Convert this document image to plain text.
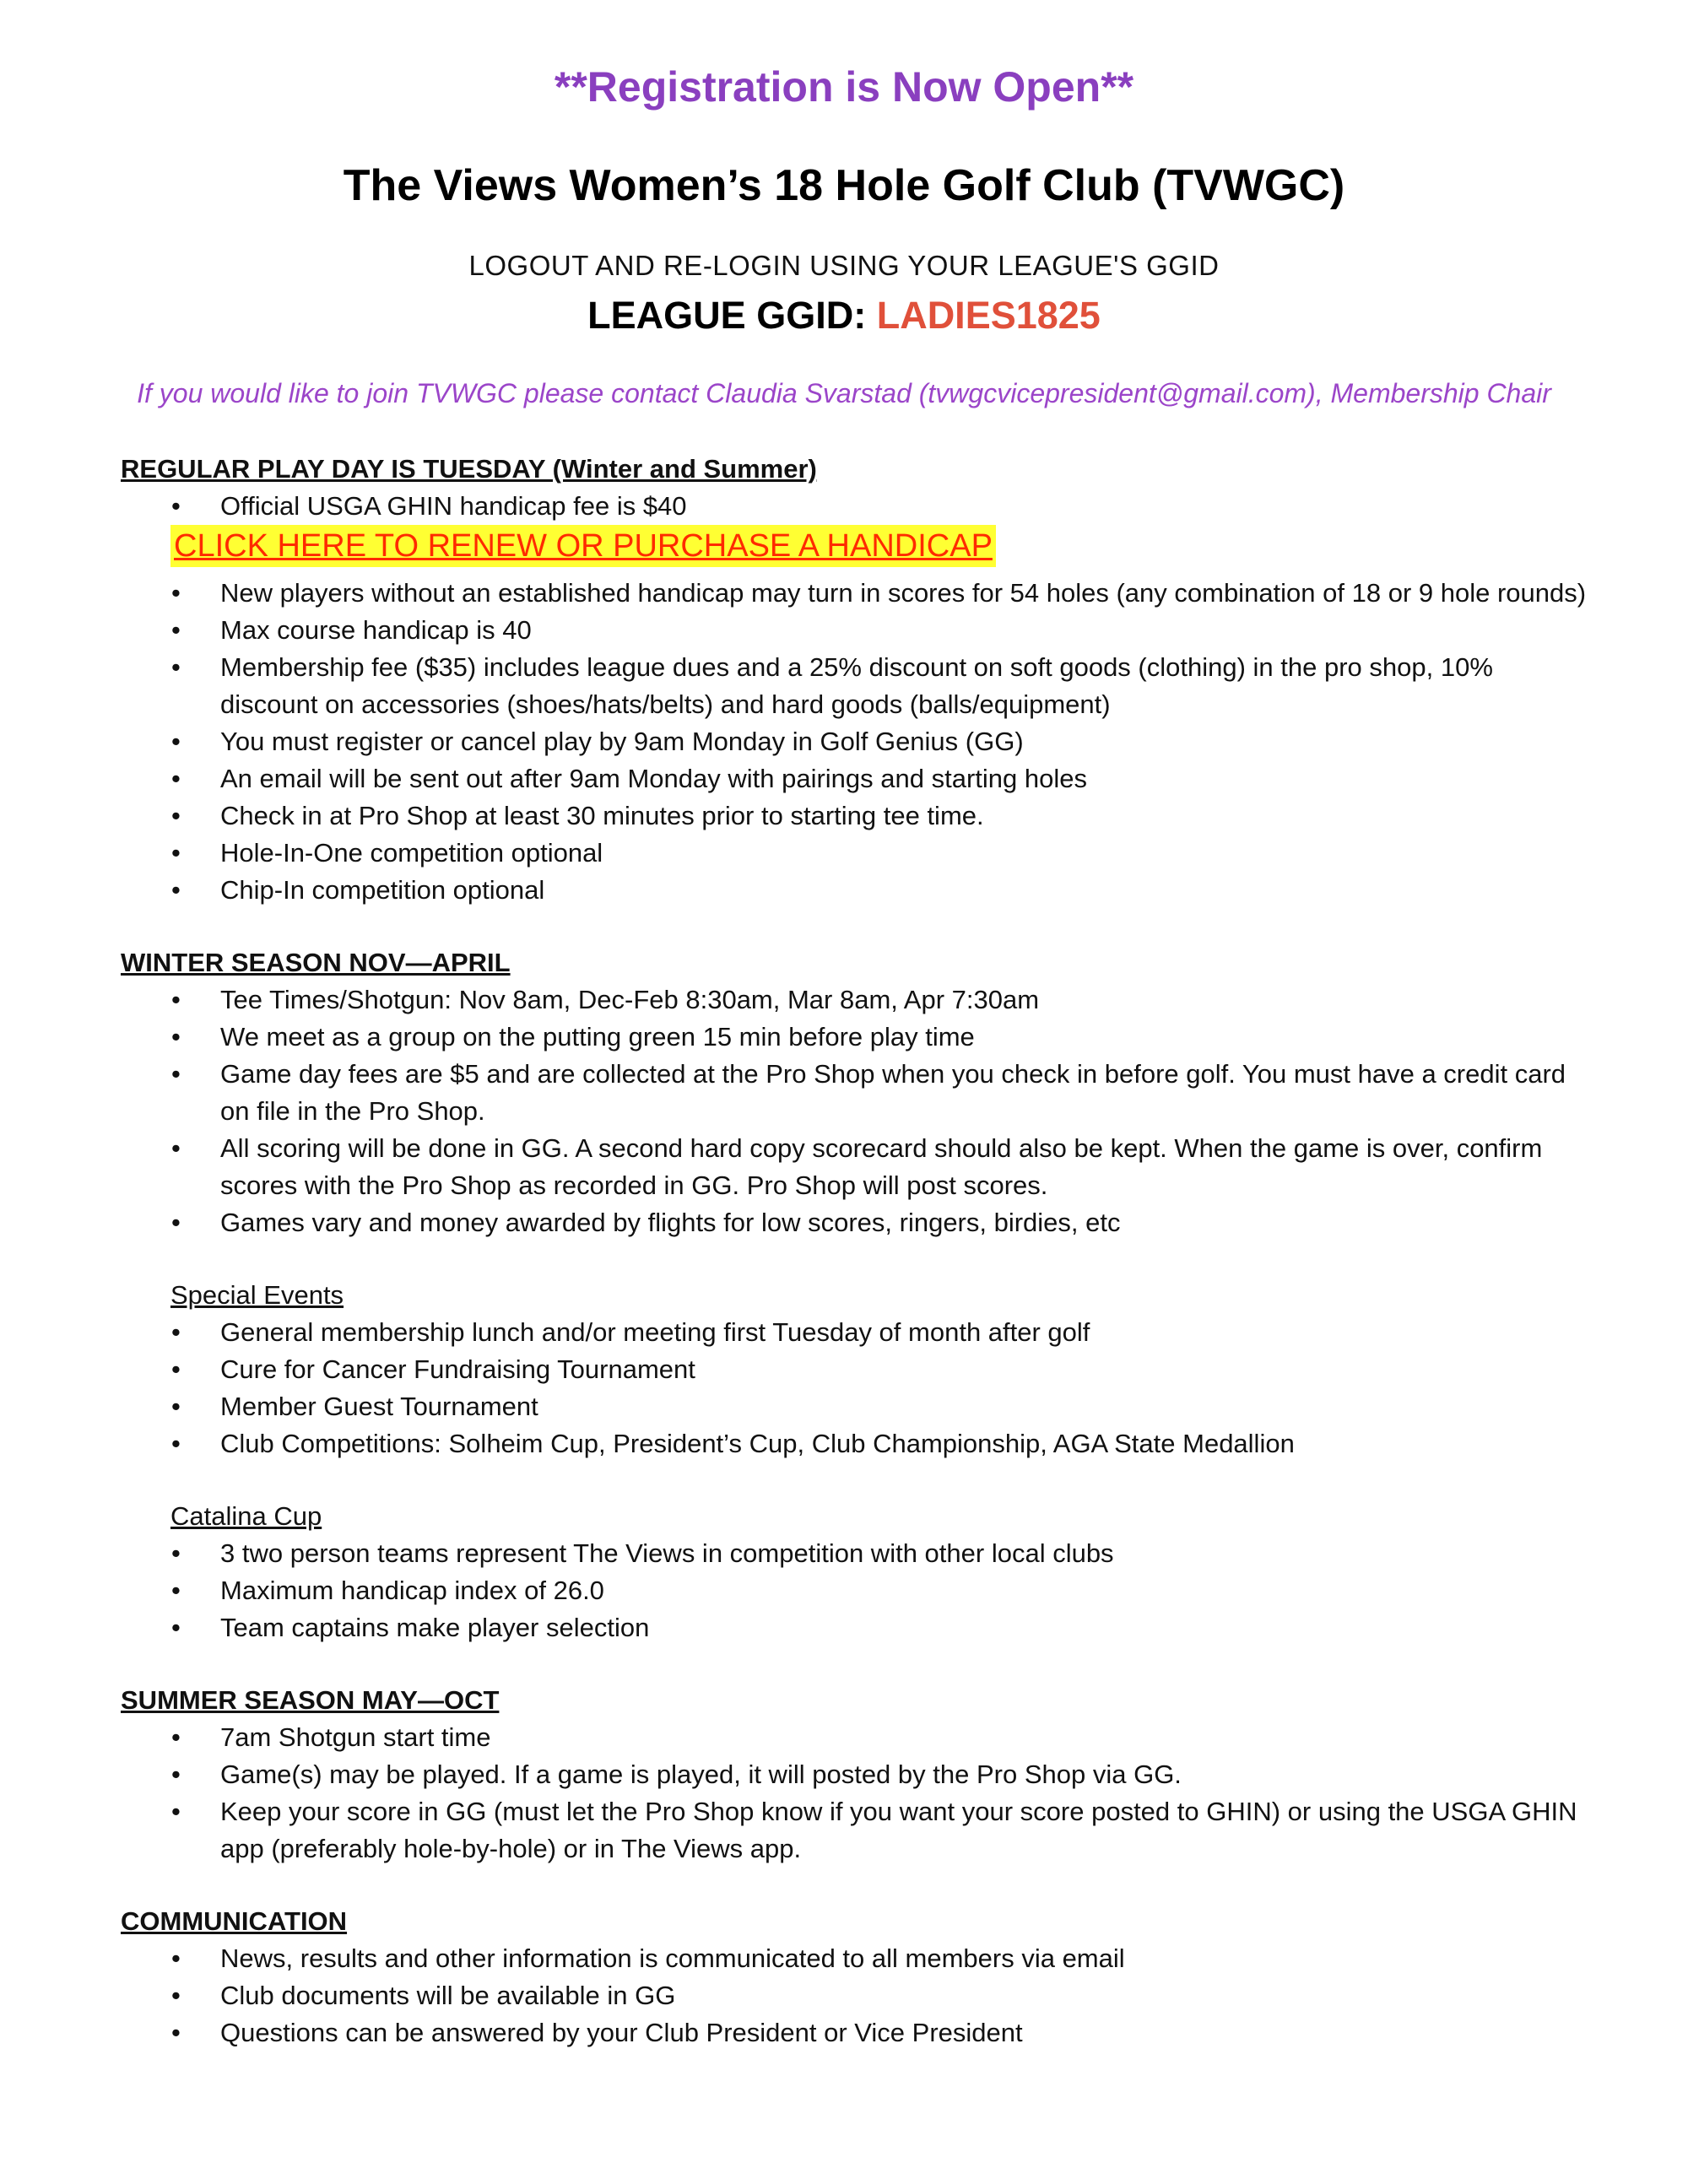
**Registration is Now Open**
The Views Women’s 18 Hole Golf Club (TVWGC)
LOGOUT AND RE-LOGIN USING YOUR LEAGUE'S GGID
LEAGUE GGID: LADIES1825
If you would like to join TVWGC please contact Claudia Svarstad (tvwgcvicepresident@gmail.com), Membership Chair

REGULAR PLAY DAY IS TUESDAY (Winter and Summer)

• Official USGA GHIN handicap fee is $40
CLICK HERE TO RENEW OR PURCHASE A HANDICAP
• New players without an established handicap may turn in scores for 54 holes (any combination of 18 or 9 hole rounds)
• Max course handicap is 40
• Membership fee ($35) includes league dues and a 25% discount on soft goods (clothing) in the pro shop, 10% discount on accessories (shoes/hats/belts) and hard goods (balls/equipment)
• You must register or cancel play by 9am Monday in Golf Genius (GG)
• An email will be sent out after 9am Monday with pairings and starting holes
• Check in at Pro Shop at least 30 minutes prior to starting tee time.
• Hole-In-One competition optional
• Chip-In competition optional

WINTER SEASON NOV—APRIL

• Tee Times/Shotgun: Nov 8am, Dec-Feb 8:30am, Mar 8am, Apr 7:30am
• We meet as a group on the putting green 15 min before play time
• Game day fees are $5 and are collected at the Pro Shop when you check in before golf. You must have a credit card on file in the Pro Shop.
• All scoring will be done in GG. A second hard copy scorecard should also be kept. When the game is over, confirm scores with the Pro Shop as recorded in GG. Pro Shop will post scores.
• Games vary and money awarded by flights for low scores, ringers, birdies, etc

Special Events

• General membership lunch and/or meeting first Tuesday of month after golf
• Cure for Cancer Fundraising Tournament
• Member Guest Tournament
• Club Competitions: Solheim Cup, President’s Cup, Club Championship, AGA State Medallion

Catalina Cup

• 3 two person teams represent The Views in competition with other local clubs
• Maximum handicap index of 26.0
• Team captains make player selection

SUMMER SEASON MAY—OCT

• 7am Shotgun start time
• Game(s) may be played. If a game is played, it will posted by the Pro Shop via GG.
• Keep your score in GG (must let the Pro Shop know if you want your score posted to GHIN) or using the USGA GHIN app (preferably hole-by-hole) or in The Views app.

COMMUNICATION

• News, results and other information is communicated to all members via email
• Club documents will be available in GG
• Questions can be answered by your Club President or Vice President
